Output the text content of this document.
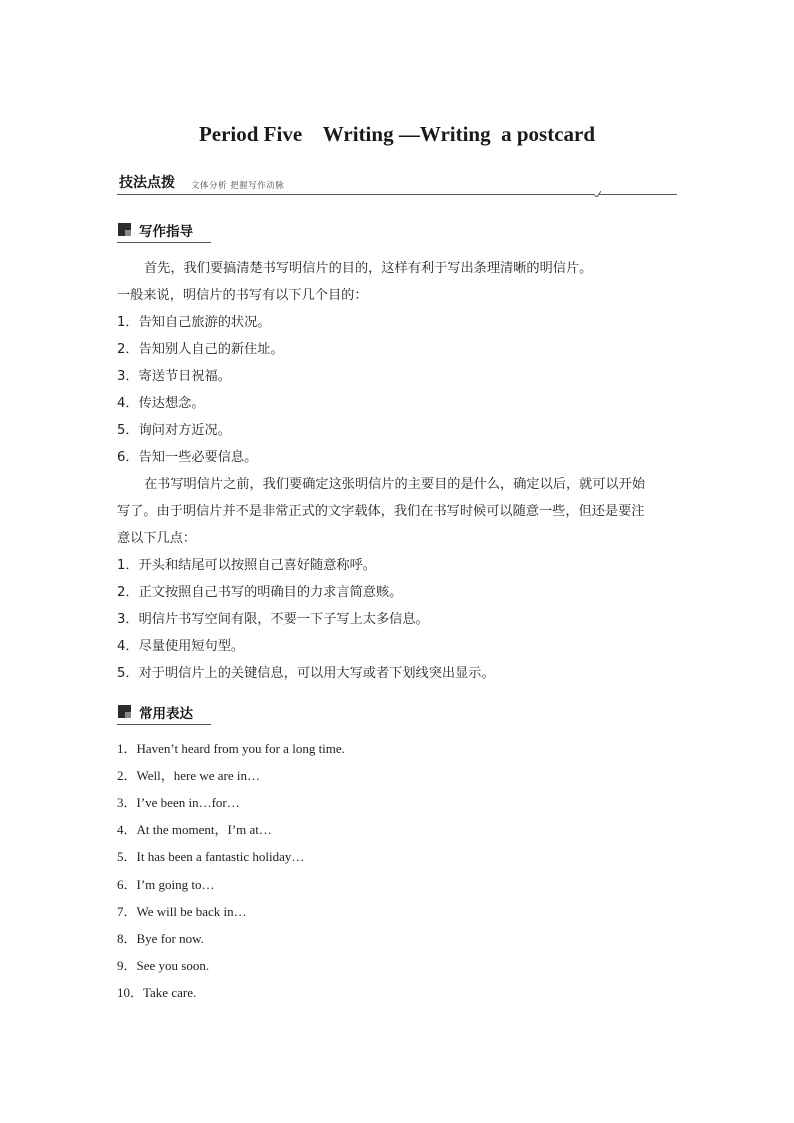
Period Five    Writing —Writing  a postcard
技法点拨 文体分析 把握写作动脉
写作指导

首先，我们要搞清楚书写明信片的目的，这样有利于写出条理清晰的明信片。

一般来说，明信片的书写有以下几个目的：

1．告知自己旅游的状况。

2．告知别人自己的新住址。

3．寄送节日祝福。

4．传达想念。

5．询问对方近况。

6．告知一些必要信息。

在书写明信片之前，我们要确定这张明信片的主要目的是什么，确定以后，就可以开始

写了。由于明信片并不是非常正式的文字载体，我们在书写时候可以随意一些，但还是要注

意以下几点：

1．开头和结尾可以按照自己喜好随意称呼。

2．正文按照自己书写的明确目的力求言简意赅。

3．明信片书写空间有限，不要一下子写上太多信息。

4．尽量使用短句型。

5．对于明信片上的关键信息，可以用大写或者下划线突出显示。

常用表达

1．Haven’t heard from you for a long time.

2．Well，here we are in…

3．I’ve been in…for…

4．At the moment，I’m at…

5．It has been a fantastic holiday…

6．I’m going to…

7．We will be back in…

8．Bye for now.

9．See you soon.

10．Take care.
